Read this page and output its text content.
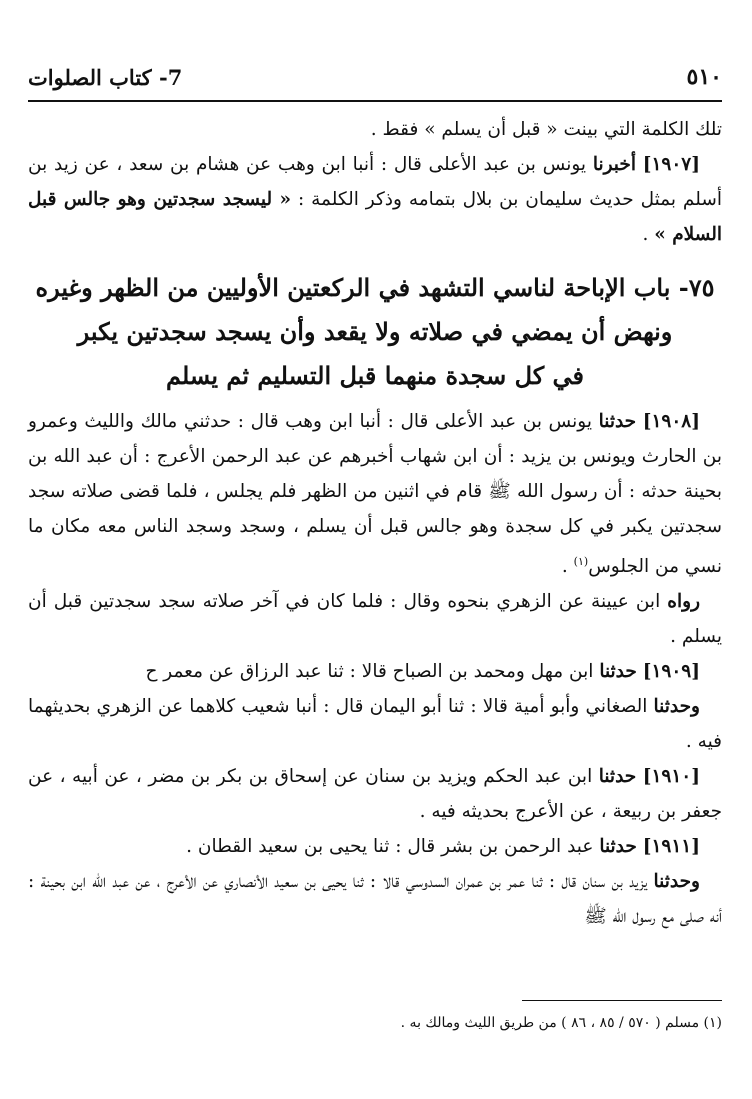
٥١٠
7- كتاب الصلوات

تلك الكلمة التي بينت « قبل أن يسلم » فقط .

[١٩٠٧] أخبرنا يونس بن عبد الأعلى قال : أنبا ابن وهب عن هشام بن سعد ، عن زيد بن أسلم بمثل حديث سليمان بن بلال بتمامه وذكر الكلمة : « ليسجد سجدتين وهو جالس قبل السلام » .

٧٥- باب الإباحة لناسي التشهد في الركعتين الأوليين من الظهر وغيره
ونهض أن يمضي في صلاته ولا يقعد وأن يسجد سجدتين يكبر
في كل سجدة منهما قبل التسليم ثم يسلم

[١٩٠٨] حدثنا يونس بن عبد الأعلى قال : أنبا ابن وهب قال : حدثني مالك والليث وعمرو بن الحارث ويونس بن يزيد : أن ابن شهاب أخبرهم عن عبد الرحمن الأعرج : أن عبد الله بن بحينة حدثه : أن رسول الله ﷺ قام في اثنين من الظهر فلم يجلس ، فلما قضى صلاته سجد سجدتين يكبر في كل سجدة وهو جالس قبل أن يسلم ، وسجد وسجد الناس معه مكان ما نسي من الجلوس$^{(١)}$ .

رواه ابن عيينة عن الزهري بنحوه وقال : فلما كان في آخر صلاته سجد سجدتين قبل أن يسلم .

[١٩٠٩] حدثنا ابن مهل ومحمد بن الصباح قالا : ثنا عبد الرزاق عن معمر ح

وحدثنا الصغاني وأبو أمية قالا : ثنا أبو اليمان قال : أنبا شعيب كلاهما عن الزهري بحديثهما فيه .

[١٩١٠] حدثنا ابن عبد الحكم ويزيد بن سنان عن إسحاق بن بكر بن مضر ، عن أبيه ، عن جعفر بن ربيعة ، عن الأعرج بحديثه فيه .

[١٩١١] حدثنا عبد الرحمن بن بشر قال : ثنا يحيى بن سعيد القطان .

وحدثنا يزيد بن سنان قال : ثنا عمر بن عمران السدوسي قالا : ثنا يحيى بن سعيد الأنصاري عن الأعرج ، عن عبد الله ابن بحينة : أنه صلى مع رسول الله ﷺ

(١) مسلم ( ٥٧٠ / ٨٥ ، ٨٦ ) من طريق الليث ومالك به .
